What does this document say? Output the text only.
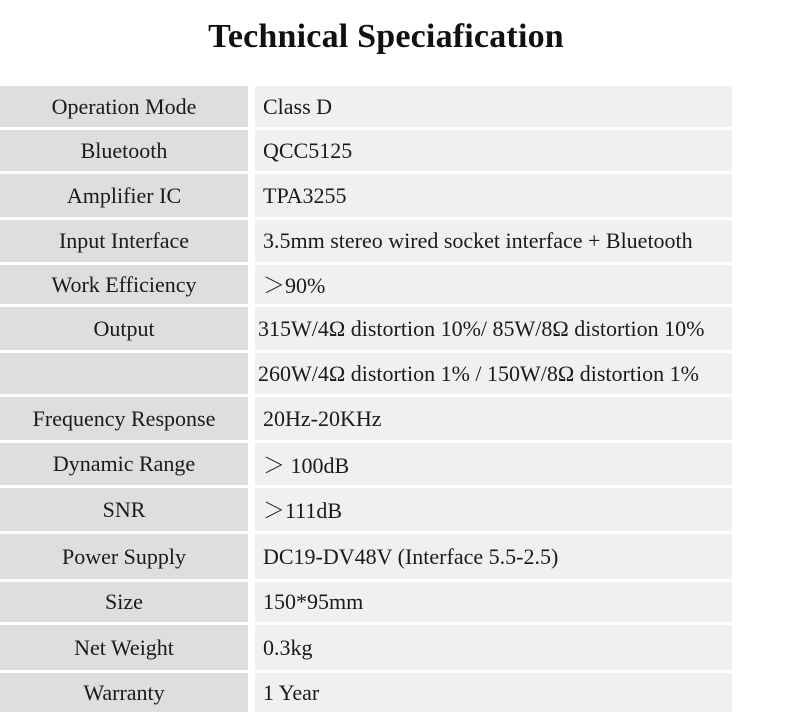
Technical Speciafication
Operation Mode	Class D
Bluetooth	QCC5125
Amplifier IC	TPA3255
Input Interface	3.5mm stereo wired socket interface + Bluetooth
Work Efficiency	＞90%
Output	315W/4Ω distortion 10%/ 85W/8Ω distortion 10%
260W/4Ω distortion 1% / 150W/8Ω distortion 1%
Frequency Response	20Hz-20KHz
Dynamic Range	＞ 100dB
SNR	＞111dB
Power Supply	DC19-DV48V (Interface 5.5-2.5)
Size	150*95mm
Net Weight	0.3kg
Warranty	1 Year
